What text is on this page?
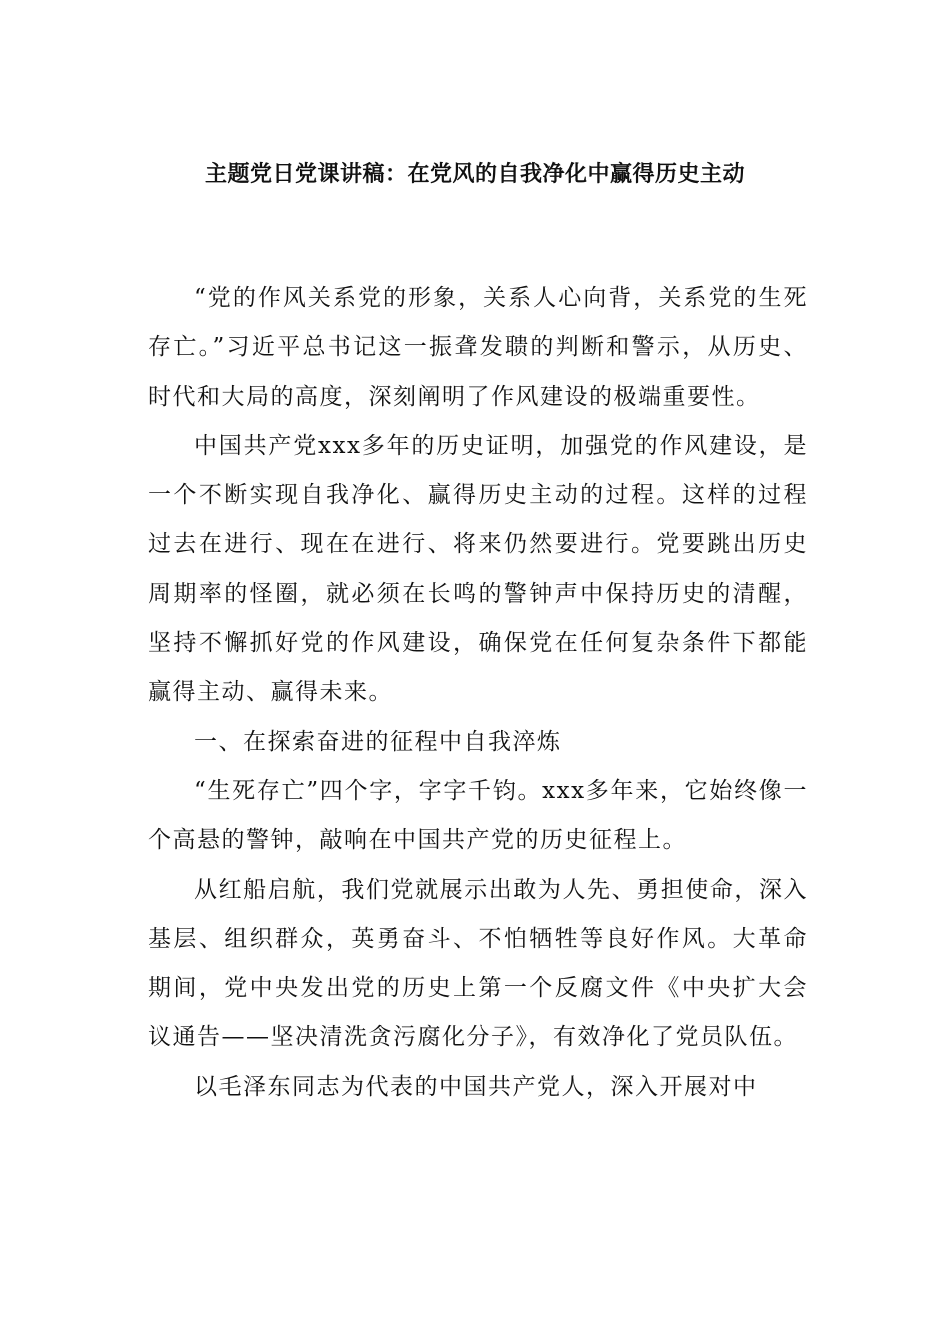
主题党日党课讲稿：在党风的自我净化中赢得历史主动

“党的作风关系党的形象，关系人心向背，关系党的生死存亡。”习近平总书记这一振聋发聩的判断和警示，从历史、时代和大局的高度，深刻阐明了作风建设的极端重要性。

中国共产党xxx多年的历史证明，加强党的作风建设，是一个不断实现自我净化、赢得历史主动的过程。这样的过程过去在进行、现在在进行、将来仍然要进行。党要跳出历史周期率的怪圈，就必须在长鸣的警钟声中保持历史的清醒，坚持不懈抓好党的作风建设，确保党在任何复杂条件下都能赢得主动、赢得未来。

一、在探索奋进的征程中自我淬炼

“生死存亡”四个字，字字千钧。xxx多年来，它始终像一个高悬的警钟，敲响在中国共产党的历史征程上。

从红船启航，我们党就展示出敢为人先、勇担使命，深入基层、组织群众，英勇奋斗、不怕牺牲等良好作风。大革命期间，党中央发出党的历史上第一个反腐文件《中央扩大会议通告——坚决清洗贪污腐化分子》，有效净化了党员队伍。

以毛泽东同志为代表的中国共产党人，深入开展对中
